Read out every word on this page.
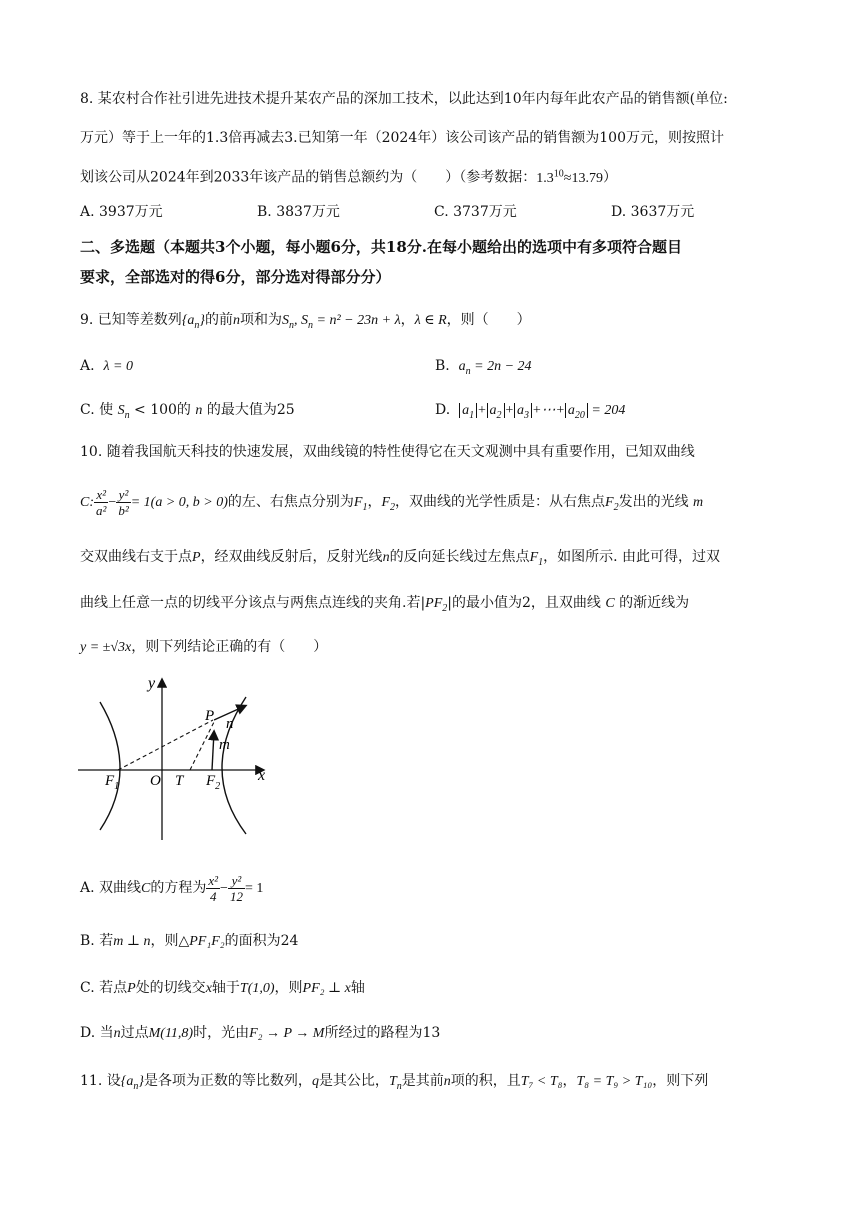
8. 某农村合作社引进先进技术提升某农产品的深加工技术，以此达到10年内每年此农产品的销售额(单位:
万元）等于上一年的1.3倍再减去3.已知第一年（2024年）该公司该产品的销售额为100万元，则按照计
划该公司从2024年到2033年该产品的销售总额约为（　　）（参考数据：$1.3^{10}\approx 13.79$）
A. 3937万元	B. 3837万元	C. 3737万元	D. 3637万元
二、多选题（本题共3个小题，每小题6分，共18分.在每小题给出的选项中有多项符合题目
要求，全部选对的得6分，部分选对得部分分）
9. 已知等差数列$\{a_n\}$的前n项和为$S_n$, $S_n = n^2 - 23n + \lambda$，λ ∈ R，则（　　）
A. λ = 0	B. $a_n = 2n - 24$
C. 使 $S_n < 100$的 n 的最大值为25	D. $a_1 + a_2 + a_3$ +⋯+ $a_{20} = 204$
10. 随着我国航天科技的快速发展，双曲线镜的特性使得它在天文观测中具有重要作用，已知双曲线
C: $\frac{\text{x²}}{\text{a²}} - \frac{\text{y²}}{\text{b²}} = 1(a > 0$, b > 0)的左、右焦点分别为$F_1$，$F_2$，双曲线的光学性质是：从右焦点$F_2$发出的光线 m
交双曲线右支于点P，经双曲线反射后，反射光线n的反向延长线过左焦点$F_1$，如图所示. 由此可得，过双
曲线上任意一点的切线平分该点与两焦点连线的夹角.若$|PF_2|$的最小值为2，且双曲线 C 的渐近线为
y = ±√3x，则下列结论正确的有（　　）
y
x
P n
m
$F_1$ O T $F_2$
A. 双曲线C的方程为 $\frac{\text{x²}}{4} - \frac{\text{y²}}{12} = 1$
B. 若m ⊥ n，则△PF₁F₂的面积为24
C. 若点P处的切线交x轴于T(1,0)，则PF₂ ⊥ x轴
D. 当n过点M(11,8)时，光由F₂ → P → M所经过的路程为13
11. 设$\{a_n\}$是各项为正数的等比数列，q是其公比，$T_n$是其前n项的积，且T₇ < T₈，T₈ = T₉ > T₁₀，则下列
